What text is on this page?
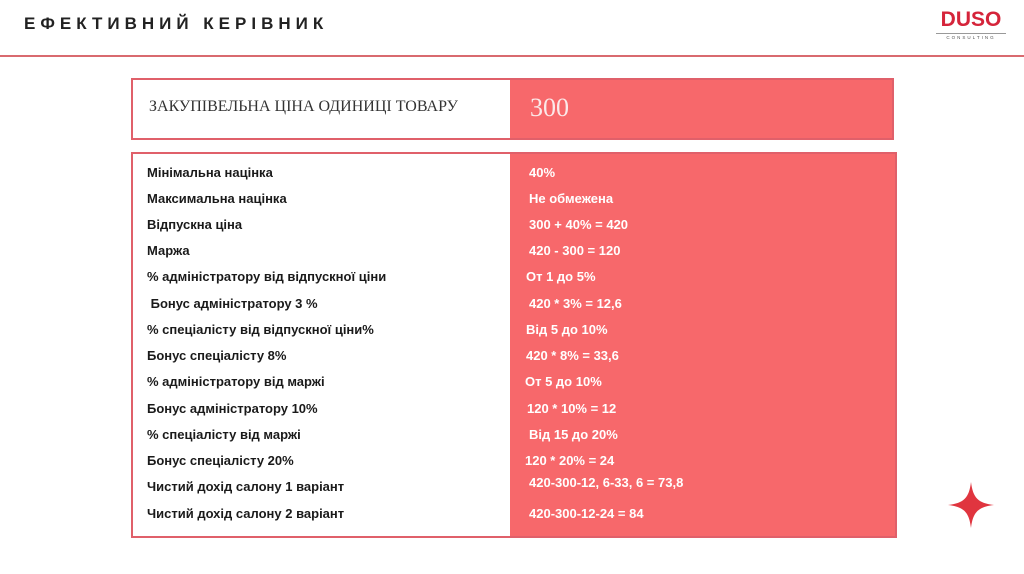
ЕФЕКТИВНИЙ КЕРІВНИК	DUSO
CONSULTING
ЗАКУПІВЕЛЬНА ЦІНА ОДИНИЦІ ТОВАРУ	300
Мінімальна націнка	40%
Максимальна націнка	Не обмежена
Відпускна ціна	300 + 40% = 420
Маржа	420 - 300 = 120
% адміністратору від відпускної ціни	От 1 до 5%
Бонус адміністратору 3 %	420 * 3% = 12,6
% спеціалісту від відпускної ціни%	Від 5 до 10%
Бонус спеціалісту 8%	420 * 8% = 33,6
% адміністратору від маржі	От 5 до 10%
Бонус адміністратору 10%	120 * 10% = 12
% спеціалісту від маржі	Від 15 до 20%
Бонус спеціалісту 20%	120 * 20% = 24
Чистий дохід салону 1 варіант	420-300-12, 6-33, 6 = 73,8
Чистий дохід салону 2 варіант	420-300-12-24 = 84
